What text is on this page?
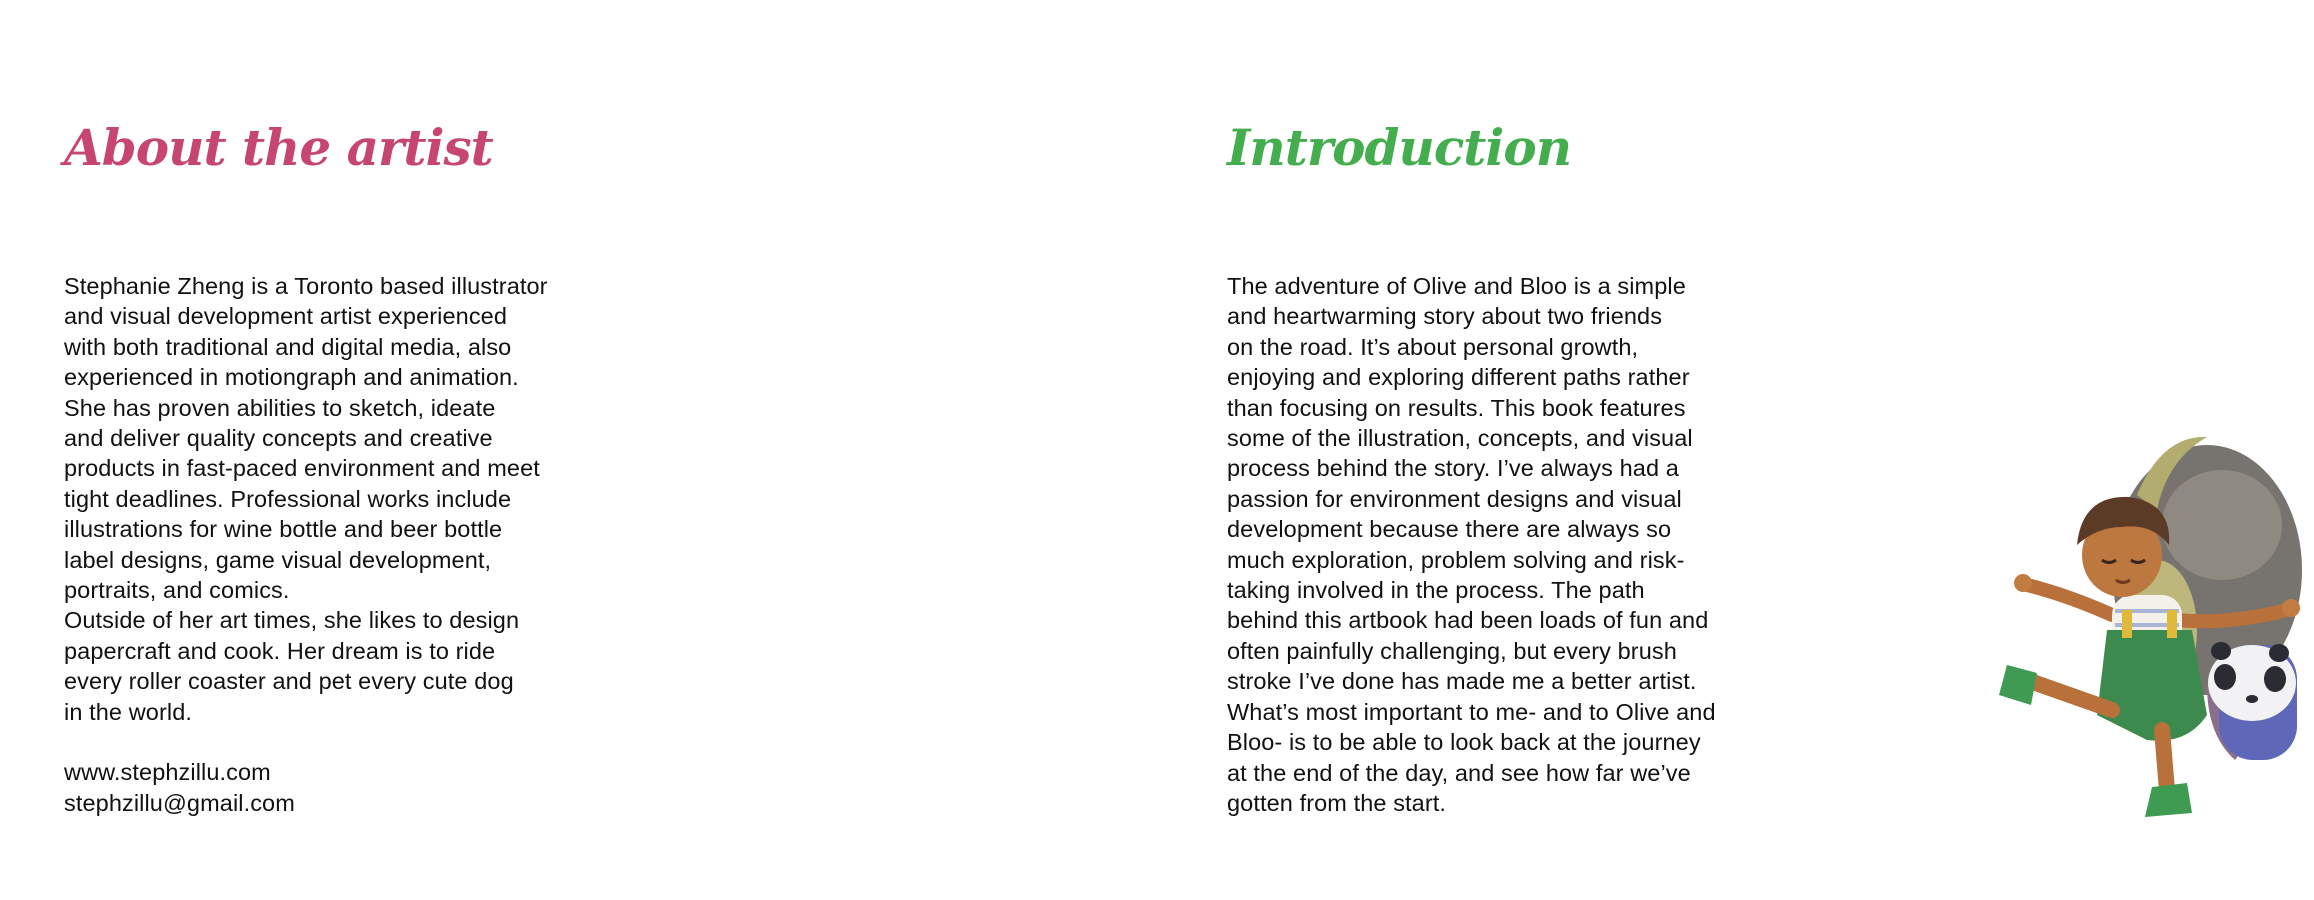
About the artist
Stephanie Zheng is a Toronto based illustrator
and visual development artist experienced
with both traditional and digital media, also
experienced in motiongraph and animation.
She has proven abilities to sketch, ideate
and deliver quality concepts and creative
products in fast-paced environment and meet
tight deadlines. Professional works include
illustrations for wine bottle and beer bottle
label designs, game visual development,
portraits, and comics.
Outside of her art times, she likes to design
papercraft and cook. Her dream is to ride
every roller coaster and pet every cute dog
in the world.
www.stephzillu.com
stephzillu@gmail.com
Introduction
The adventure of Olive and Bloo is a simple
and heartwarming story about two friends
on the road. It’s about personal growth,
enjoying and exploring different paths rather
than focusing on results. This book features
some of the illustration, concepts, and visual
process behind the story. I’ve always had a
passion for environment designs and visual
development because there are always so
much exploration, problem solving and risk-
taking involved in the process. The path
behind this artbook had been loads of fun and
often painfully challenging, but every brush
stroke I’ve done has made me a better artist.
What’s most important to me- and to Olive and
Bloo- is to be able to look back at the journey
at the end of the day, and see how far we’ve
gotten from the start.
